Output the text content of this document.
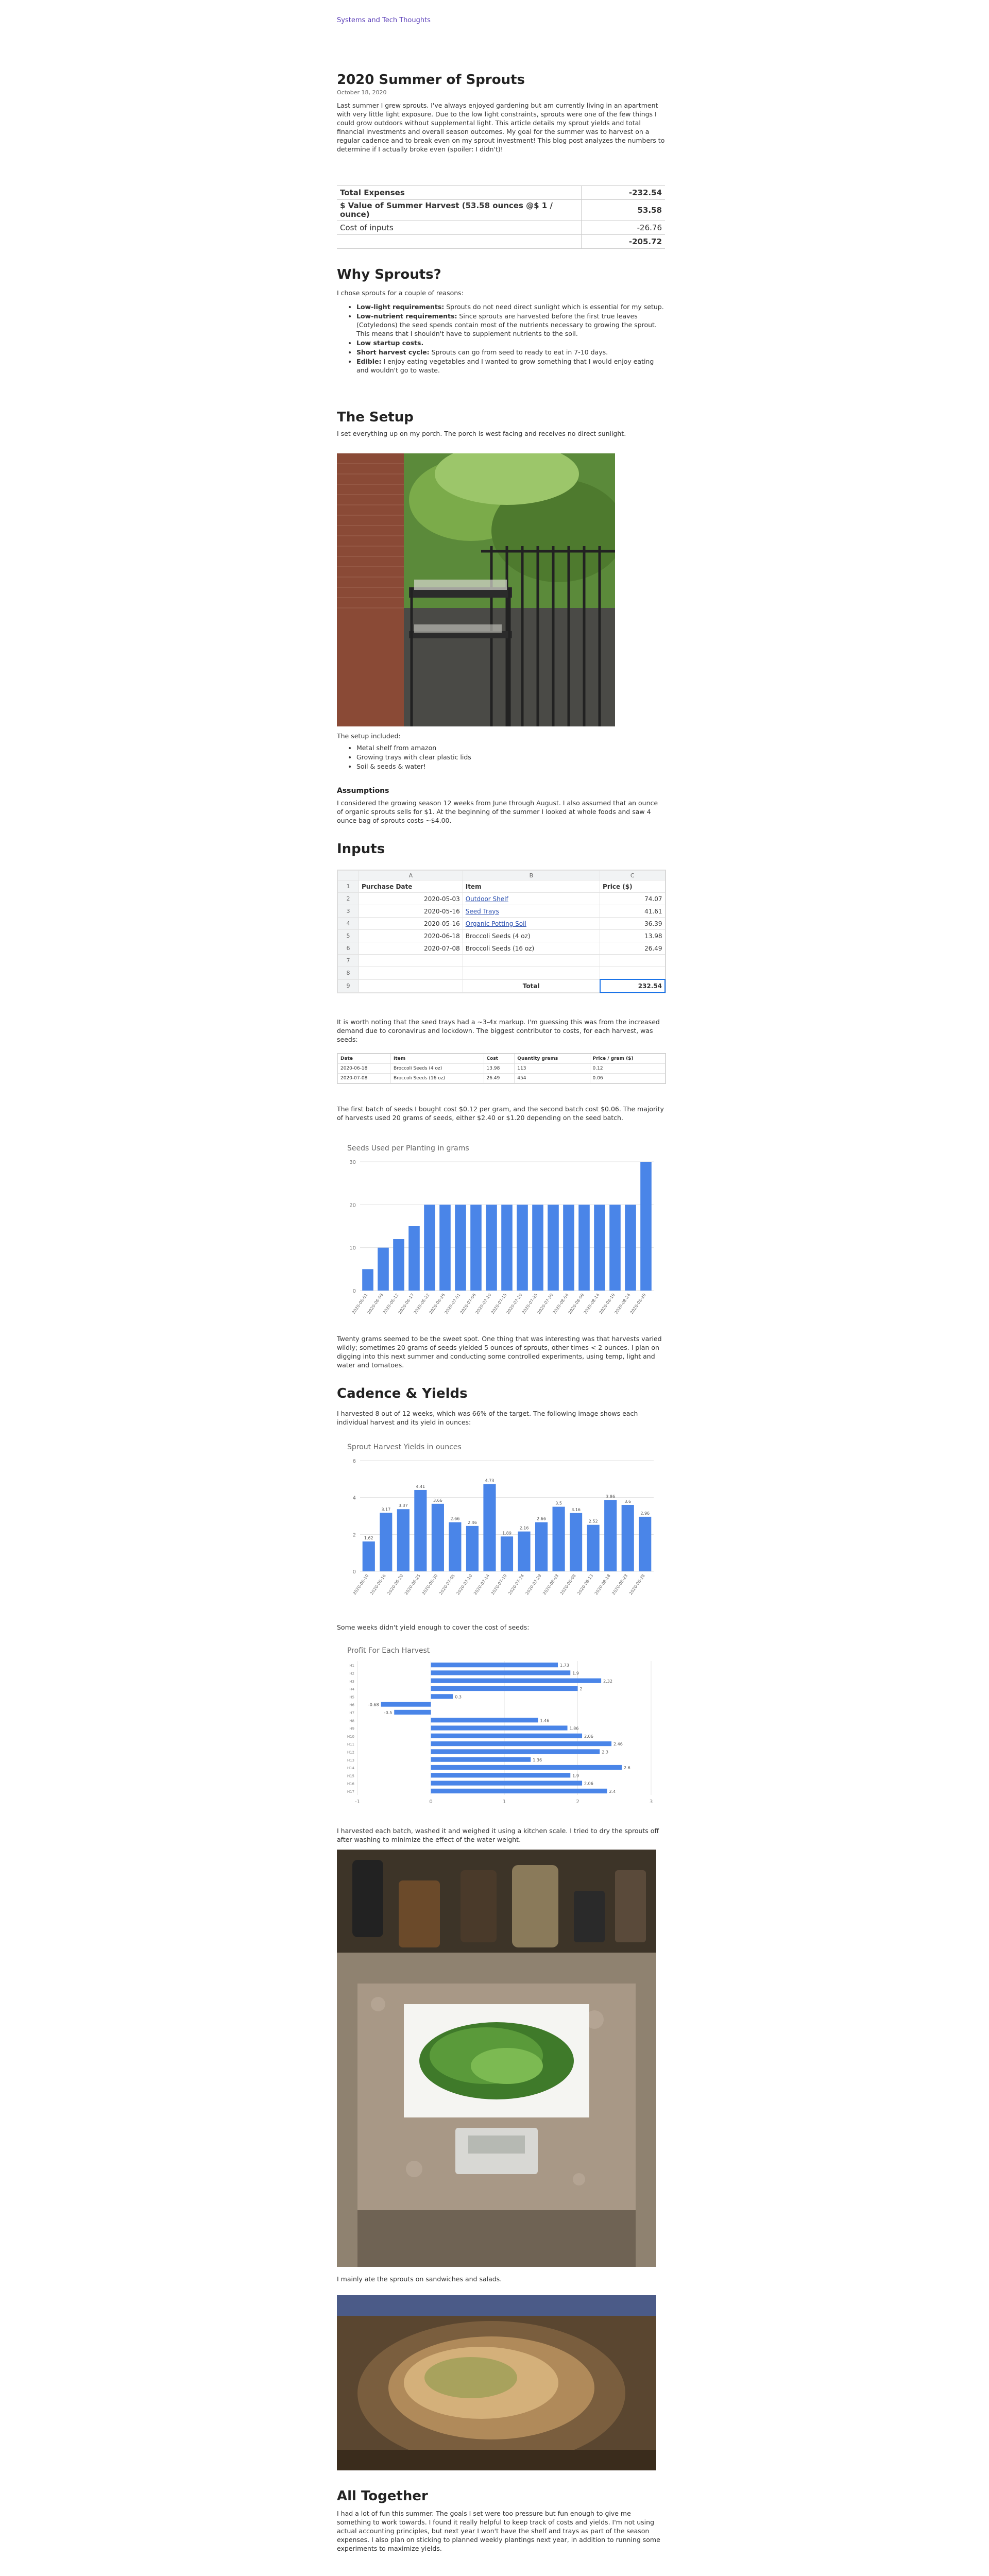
Systems and Tech Thoughts
2020 Summer of Sprouts
October 18, 2020

Last summer I grew sprouts. I've always enjoyed gardening but am currently living in an apartment with very little light exposure. Due to the low light constraints, sprouts were one of the few things I could grow outdoors without supplemental light. This article details my sprout yields and total financial investments and overall season outcomes. My goal for the summer was to harvest on a regular cadence and to break even on my sprout investment! This blog post analyzes the numbers to determine if I actually broke even (spoiler: I didn't)!

Total Expenses	-232.54
$ Value of Summer Harvest (53.58 ounces @$ 1 / ounce)	53.58
Cost of inputs	-26.76
	-205.72
Why Sprouts?

I chose sprouts for a couple of reasons:

• Low-light requirements: Sprouts do not need direct sunlight which is essential for my setup.
• Low-nutrient requirements: Since sprouts are harvested before the first true leaves (Cotyledons) the seed spends contain most of the nutrients necessary to growing the sprout. This means that I shouldn't have to supplement nutrients to the soil.
• Low startup costs.
• Short harvest cycle: Sprouts can go from seed to ready to eat in 7-10 days.
• Edible: I enjoy eating vegetables and I wanted to grow something that I would enjoy eating and wouldn't go to waste.
The Setup

I set everything up on my porch. The porch is west facing and receives no direct sunlight.

The setup included:

• Metal shelf from amazon
• Growing trays with clear plastic lids
• Soil & seeds & water!
Assumptions

I considered the growing season 12 weeks from June through August. I also assumed that an ounce of organic sprouts sells for $1. At the beginning of the summer I looked at whole foods and saw 4 ounce bag of sprouts costs ~$4.00.

Inputs
	A	B	C
1	Purchase Date	Item	Price ($)
2	2020-05-03	Outdoor Shelf	74.07
3	2020-05-16	Seed Trays	41.61
4	2020-05-16	Organic Potting Soil	36.39
5	2020-06-18	Broccoli Seeds (4 oz)	13.98
6	2020-07-08	Broccoli Seeds (16 oz)	26.49
7			
8			
9		Total	232.54

It is worth noting that the seed trays had a ~3-4x markup. I'm guessing this was from the increased demand due to coronavirus and lockdown. The biggest contributor to costs, for each harvest, was seeds:

Date	Item	Cost	Quantity grams	Price / gram ($)
2020-06-18	Broccoli Seeds (4 oz)	13.98	113	0.12
2020-07-08	Broccoli Seeds (16 oz)	26.49	454	0.06

The first batch of seeds I bought cost $0.12 per gram, and the second batch cost $0.06. The majority of harvests used 20 grams of seeds, either $2.40 or $1.20 depending on the seed batch.

Seeds Used per Planting in grams
0
10
20
30
2020-06-01
2020-06-08
2020-06-12
2020-06-17
2020-06-22
2020-06-26
2020-07-01
2020-07-06
2020-07-10
2020-07-15
2020-07-20
2020-07-25
2020-07-30
2020-08-04
2020-08-09
2020-08-14
2020-08-19
2020-08-24
2020-08-29

Twenty grams seemed to be the sweet spot. One thing that was interesting was that harvests varied wildly; sometimes 20 grams of seeds yielded 5 ounces of sprouts, other times < 2 ounces. I plan on digging into this next summer and conducting some controlled experiments, using temp, light and water and tomatoes.

Cadence & Yields

I harvested 8 out of 12 weeks, which was 66% of the target. The following image shows each individual harvest and its yield in ounces:

Sprout Harvest Yields in ounces
0
2
4
6
1.62
2020-06-10
3.17
2020-06-16
3.37
2020-06-20
4.41
2020-06-25
3.66
2020-06-30
2.66
2020-07-05
2.46
2020-07-10
4.73
2020-07-14
1.89
2020-07-19
2.16
2020-07-24
2.66
2020-07-29
3.5
2020-08-03
3.16
2020-08-08
2.52
2020-08-13
3.86
2020-08-18
3.6
2020-08-23
2.96
2020-08-28

Some weeks didn't yield enough to cover the cost of seeds:

Profit For Each Harvest
-1	0	1	2	3
1.73
H1
1.9
H2
2.32
H3
2
H4
0.3
H5
-0.68
H6
-0.5
H7
1.46
H8
1.86
H9
2.06
H10
2.46
H11
2.3
H12
1.36
H13
2.6
H14
1.9
H15
2.06
H16
2.4
H17

I harvested each batch, washed it and weighed it using a kitchen scale. I tried to dry the sprouts off after washing to minimize the effect of the water weight.

I mainly ate the sprouts on sandwiches and salads.

All Together

I had a lot of fun this summer. The goals I set were too pressure but fun enough to give me something to work towards. I found it really helpful to keep track of costs and yields. I'm not using actual accounting principles, but next year I won't have the shelf and trays as part of the season expenses. I also plan on sticking to planned weekly plantings next year, in addition to running some experiments to maximize yields.
